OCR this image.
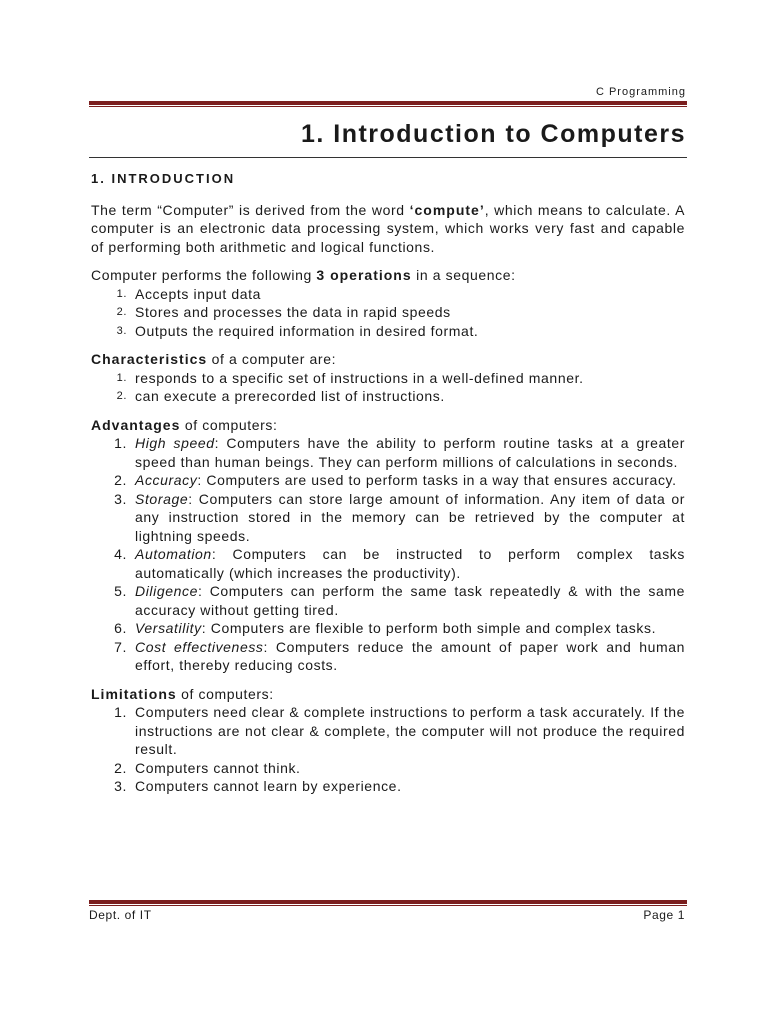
C Programming
1. Introduction to Computers
1. INTRODUCTION

The term “Computer” is derived from the word ‘compute’, which means to calculate. A computer is an electronic data processing system, which works very fast and capable of performing both arithmetic and logical functions.

Computer performs the following 3 operations in a sequence:

1. Accepts input data
2. Stores and processes the data in rapid speeds
3. Outputs the required information in desired format.

Characteristics of a computer are:

1. responds to a specific set of instructions in a well-defined manner.
2. can execute a prerecorded list of instructions.

Advantages of computers:

1. High speed: Computers have the ability to perform routine tasks at a greater speed than human beings. They can perform millions of calculations in seconds.
2. Accuracy: Computers are used to perform tasks in a way that ensures accuracy.
3. Storage: Computers can store large amount of information. Any item of data or any instruction stored in the memory can be retrieved by the computer at lightning speeds.
4. Automation: Computers can be instructed to perform complex tasks automatically (which increases the productivity).
5. Diligence: Computers can perform the same task repeatedly & with the same accuracy without getting tired.
6. Versatility: Computers are flexible to perform both simple and complex tasks.
7. Cost effectiveness: Computers reduce the amount of paper work and human effort, thereby reducing costs.

Limitations of computers:

1. Computers need clear & complete instructions to perform a task accurately. If the instructions are not clear & complete, the computer will not produce the required result.
2. Computers cannot think.
3. Computers cannot learn by experience.
Dept. of IT	Page 1
